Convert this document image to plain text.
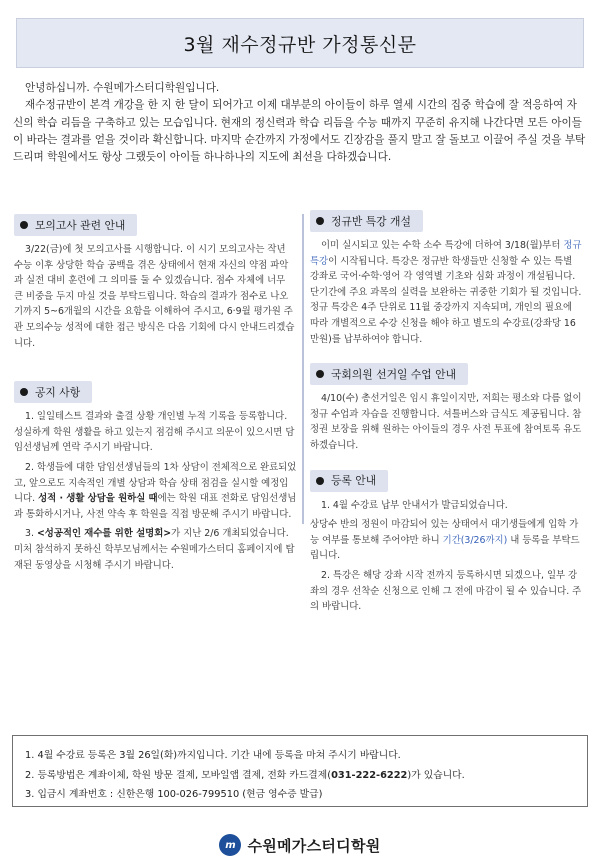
3월 재수정규반 가정통신문

안녕하십니까. 수원메가스터디학원입니다.

재수정규반이 본격 개강을 한 지 한 달이 되어가고 이제 대부분의 아이들이 하루 열세 시간의 집중 학습에 잘 적응하여 자신의 학습 리듬을 구축하고 있는 모습입니다. 현재의 정신력과 학습 리듬을 수능 때까지 꾸준히 유지해 나간다면 모든 아이들이 바라는 결과를 얻을 것이라 확신합니다. 마지막 순간까지 가정에서도 긴장감을 풀지 말고 잘 돌보고 이끌어 주실 것을 부탁드리며 학원에서도 항상 그랬듯이 아이들 하나하나의 지도에 최선을 다하겠습니다.

모의고사 관련 안내

3/22(금)에 첫 모의고사를 시행합니다. 이 시기 모의고사는 작년 수능 이후 상당한 학습 공백을 겪은 상태에서 현재 자신의 약점 파악과 실전 대비 훈련에 그 의미를 둘 수 있겠습니다. 점수 자체에 너무 큰 비중을 두지 마실 것을 부탁드립니다. 학습의 결과가 점수로 나오기까지 5~6개월의 시간을 요함을 이해하여 주시고, 6·9월 평가원 주관 모의수능 성적에 대한 접근 방식은 다음 기회에 다시 안내드리겠습니다.

공지 사항

1. 일일테스트 결과와 출결 상황 개인별 누적 기록을 등록합니다. 성실하게 학원 생활을 하고 있는지 점검해 주시고 의문이 있으시면 담임선생님께 연락 주시기 바랍니다.

2. 학생들에 대한 담임선생님들의 1차 상담이 전체적으로 완료되었고, 앞으로도 지속적인 개별 상담과 학습 상태 점검을 실시할 예정입니다. 성적 · 생활 상담을 원하실 때에는 학원 대표 전화로 담임선생님과 통화하시거나, 사전 약속 후 학원을 직접 방문해 주시기 바랍니다.

3. <성공적인 재수를 위한 설명회>가 지난 2/6 개최되었습니다. 미처 참석하지 못하신 학부모님께서는 수원메가스터디 홈페이지에 탑재된 동영상을 시청해 주시기 바랍니다.

정규반 특강 개설

이미 실시되고 있는 수학 소수 특강에 더하여 3/18(월)부터 정규 특강이 시작됩니다. 특강은 정규반 학생들만 신청할 수 있는 특별 강좌로 국어·수학·영어 각 영역별 기초와 심화 과정이 개설됩니다. 단기간에 주요 과목의 실력을 보완하는 귀중한 기회가 될 것입니다. 정규 특강은 4주 단위로 11월 중강까지 지속되며, 개인의 필요에 따라 개별적으로 수강 신청을 해야 하고 별도의 수강료(강좌당 16만원)를 납부하여야 합니다.

국회의원 선거일 수업 안내

4/10(수) 총선거일은 임시 휴일이지만, 저희는 평소와 다름 없이 정규 수업과 자습을 진행합니다. 셔틀버스와 급식도 제공됩니다. 참정권 보장을 위해 원하는 아이들의 경우 사전 투표에 참여토록 유도하겠습니다.

등록 안내

1. 4월 수강료 납부 안내서가 발급되었습니다.

상당수 반의 정원이 마감되어 있는 상태여서 대기생들에게 입학 가능 여부를 통보해 주어야만 하니 기간(3/26까지) 내 등록을 부탁드립니다.

2. 특강은 해당 강좌 시작 전까지 등록하시면 되겠으나, 일부 강좌의 경우 선착순 신청으로 인해 그 전에 마감이 될 수 있습니다. 주의 바랍니다.

1. 4월 수강료 등록은 3월 26일(화)까지입니다. 기간 내에 등록을 마쳐 주시기 바랍니다.
2. 등록방법은 계좌이체, 학원 방문 결제, 모바일앱 결제, 전화 카드결제(031-222-6222)가 있습니다.
3. 입금시 계좌번호 : 신한은행 100-026-799510 (현금 영수증 발급)
m 수원메가스터디학원
